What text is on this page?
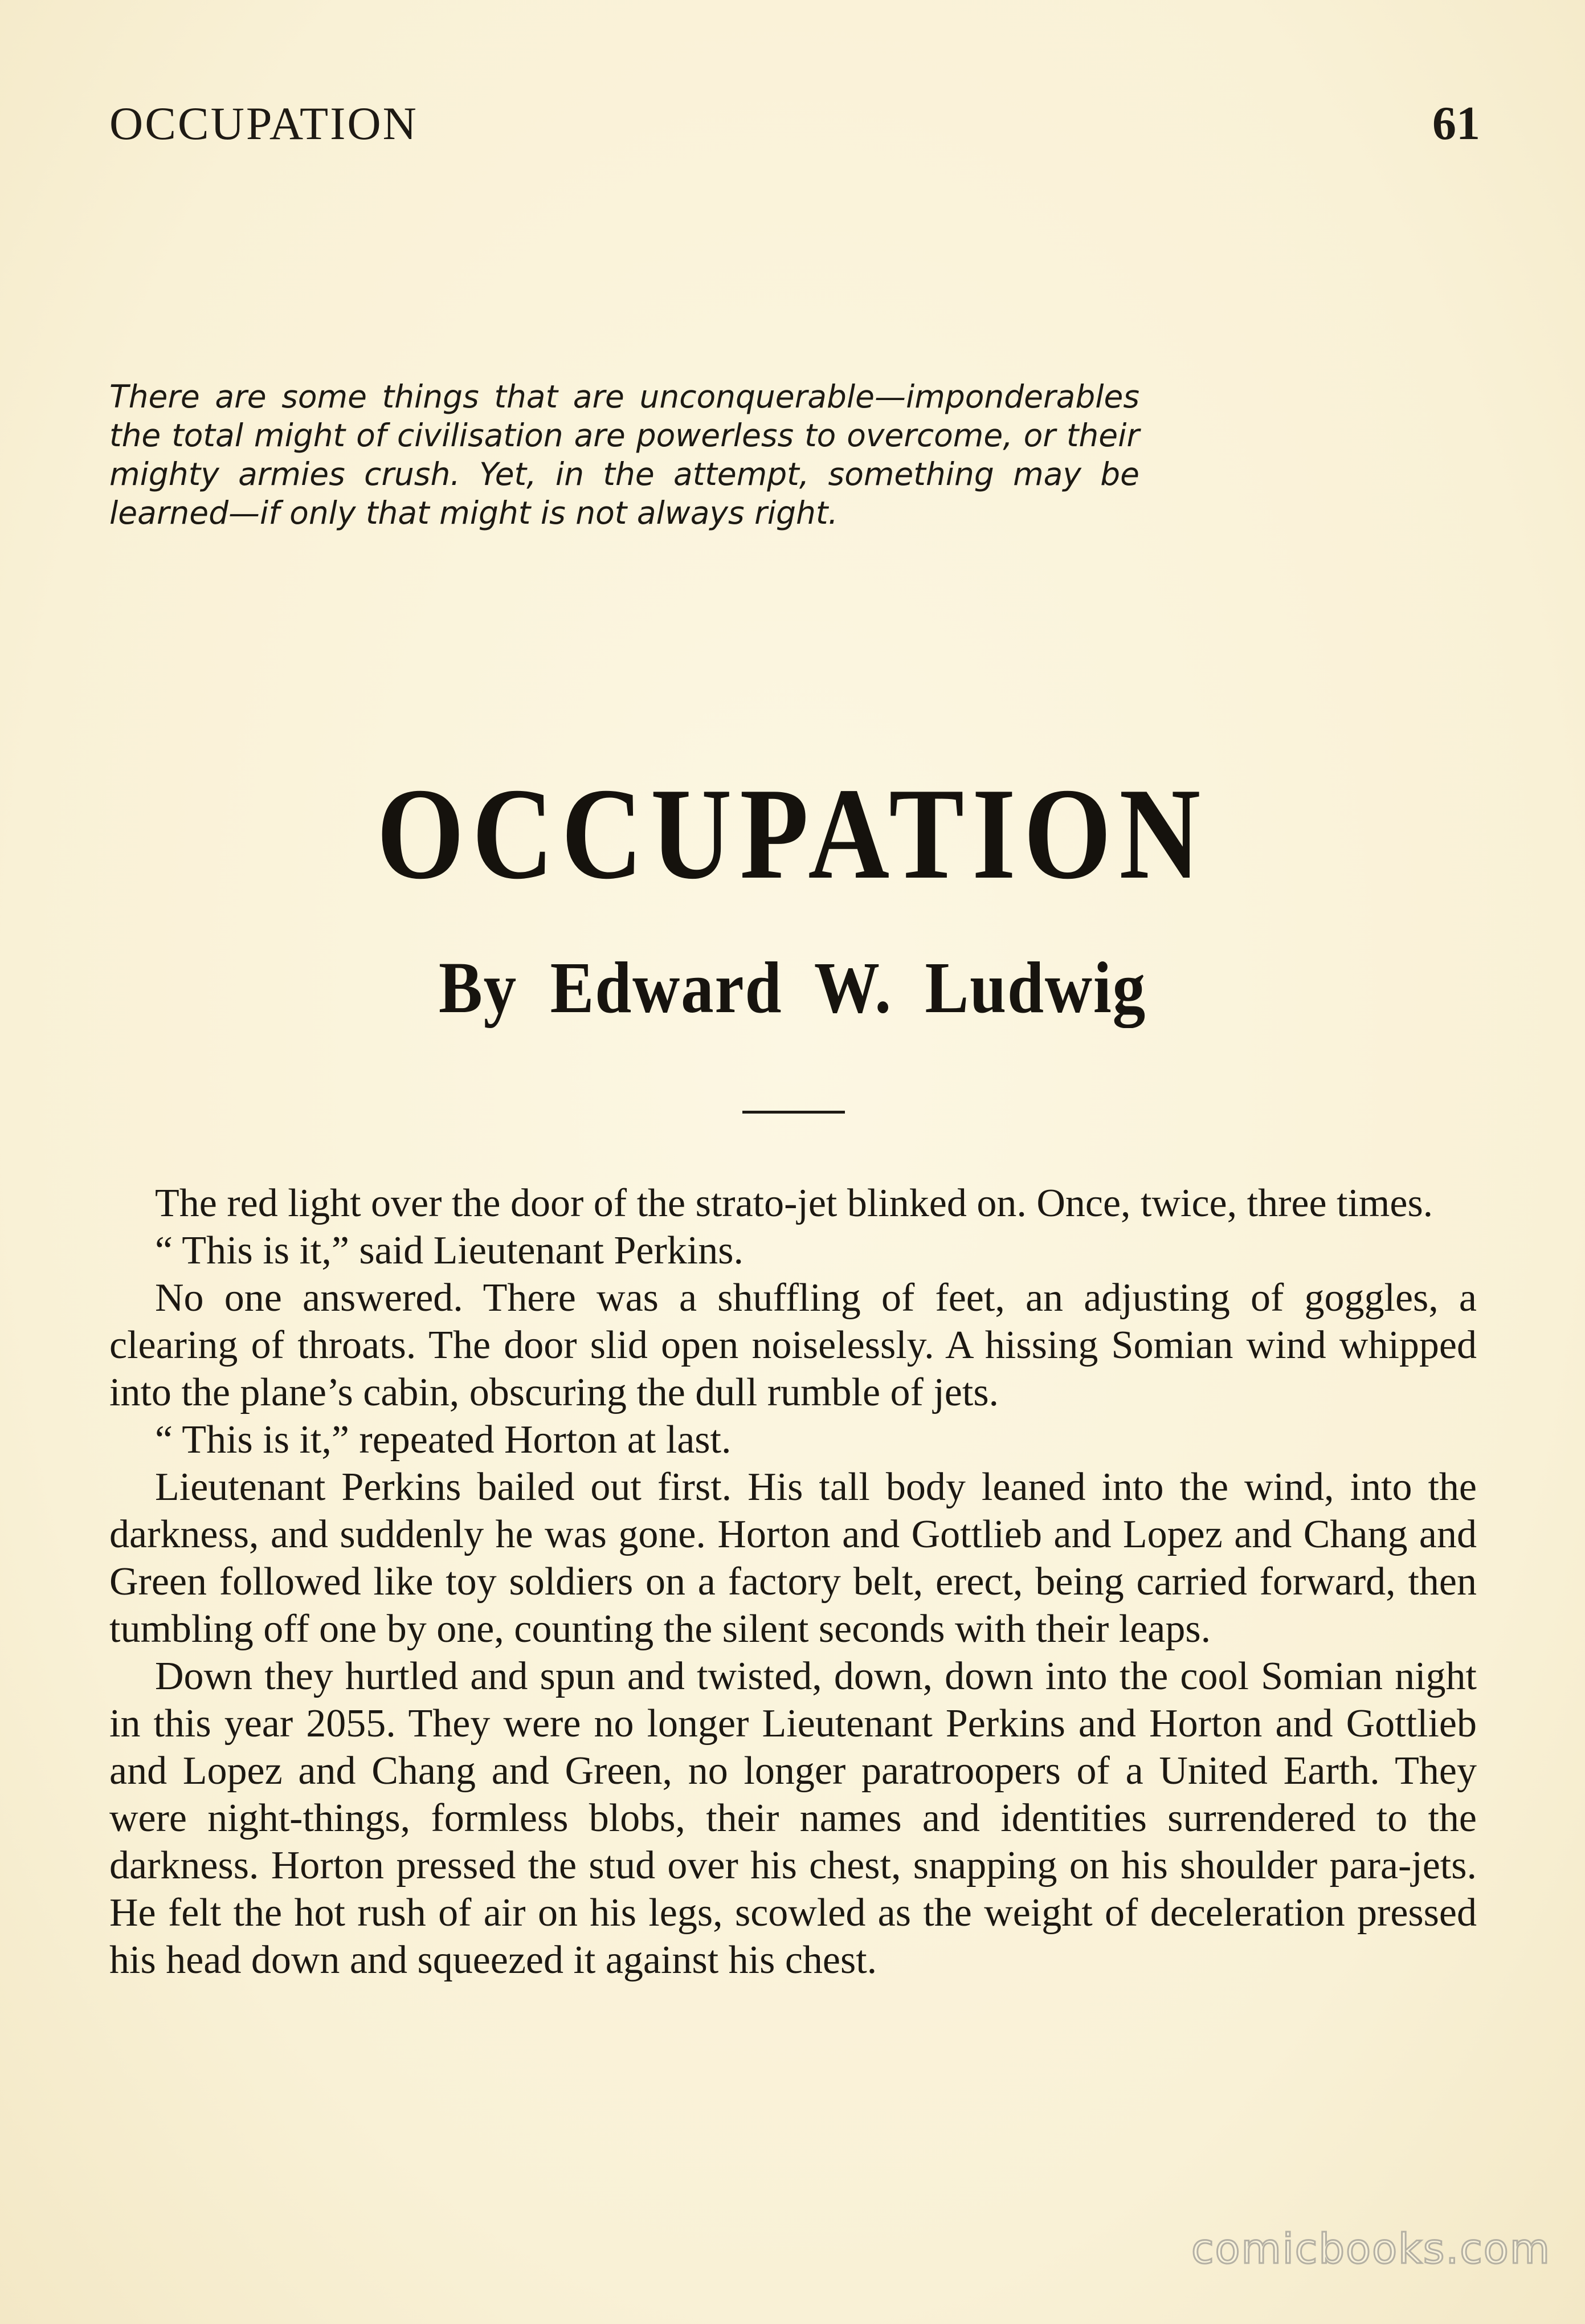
OCCUPATION	61
There are some things that are unconquerable—imponderables the total might of civilisation are powerless to overcome, or their mighty armies crush. Yet, in the attempt, something may be learned—if only that might is not always right.
OCCUPATION
By Edward W. Ludwig

The red light over the door of the strato-jet blinked on. Once, twice, three times.

“ This is it,” said Lieutenant Perkins.

No one answered. There was a shuffling of feet, an adjusting of goggles, a clearing of throats. The door slid open noiselessly. A hissing Somian wind whipped into the plane’s cabin, obscuring the dull rumble of jets.

“ This is it,” repeated Horton at last.

Lieutenant Perkins bailed out first. His tall body leaned into the wind, into the darkness, and suddenly he was gone. Horton and Gottlieb and Lopez and Chang and Green followed like toy soldiers on a factory belt, erect, being carried forward, then tumbling off one by one, counting the silent seconds with their leaps.

Down they hurtled and spun and twisted, down, down into the cool Somian night in this year 2055. They were no longer Lieutenant Perkins and Horton and Gottlieb and Lopez and Chang and Green, no longer paratroopers of a United Earth. They were night-things, formless blobs, their names and identities surrendered to the darkness. Horton pressed the stud over his chest, snapping on his shoulder para-jets. He felt the hot rush of air on his legs, scowled as the weight of deceleration pressed his head down and squeezed it against his chest.

comicbooks.com
